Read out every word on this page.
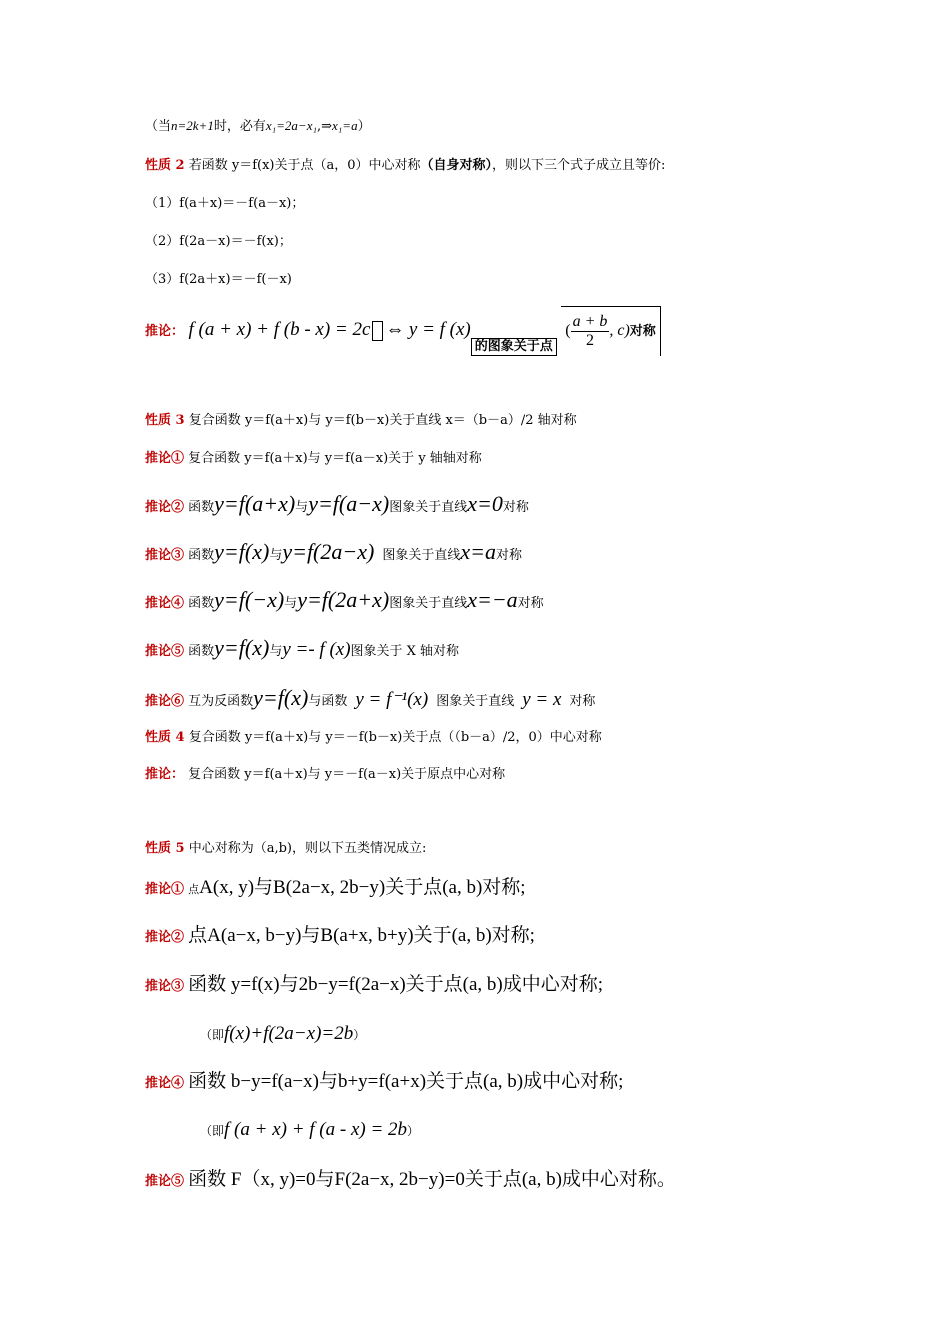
（当n=2k+1时，必有x₁=2a−x₁,⇒x₁=a）
性质 2 若函数 y＝f(x)关于点（a，0）中心对称（自身对称），则以下三个式子成立且等价:
（1）f(a＋x)＝－f(a－x)；
（2）f(2a－x)＝－f(x)；
（3）f(2a＋x)＝－f(－x)
推论： f (a + x) + f (b - x) = 2c ⇔ y = f (x)的图象关于点 ( $\frac{a + b}{2}$ , c)对称
性质 3 复合函数 y＝f(a＋x)与 y＝f(b－x)关于直线 x＝（b－a）/2 轴对称
推论① 复合函数 y＝f(a＋x)与 y＝f(a－x)关于 y 轴轴对称
推论② 函数y=f(a+x)与y=f(a−x)图象关于直线x=0对称
推论③ 函数y=f(x)与y=f(2a−x) 图象关于直线x=a对称
推论④ 函数y=f(−x)与y=f(2a+x)图象关于直线x=−a对称
推论⑤ 函数y=f(x)与y =- f (x)图象关于 X 轴对称
推论⑥ 互为反函数y=f(x)与函数 y = f⁻¹(x) 图象关于直线 y = x 对称
性质 4 复合函数 y＝f(a＋x)与 y＝－f(b－x)关于点（（b－a）/2，0）中心对称
推论： 复合函数 y＝f(a＋x)与 y＝－f(a－x)关于原点中心对称
性质 5 中心对称为（a,b)，则以下五类情况成立:
推论① 点A(x, y)与B(2a−x, 2b−y)关于点(a, b)对称;
推论② 点A(a−x, b−y)与B(a+x, b+y)关于(a, b)对称;
推论③ 函数 y=f(x)与2b−y=f(2a−x)关于点(a, b)成中心对称;
（即f(x)+f(2a−x)=2b）
推论④ 函数 b−y=f(a−x)与b+y=f(a+x)关于点(a, b)成中心对称;
（即f (a + x) + f (a - x) = 2b）
推论⑤ 函数 F（x, y)=0与F(2a−x, 2b−y)=0关于点(a, b)成中心对称。
